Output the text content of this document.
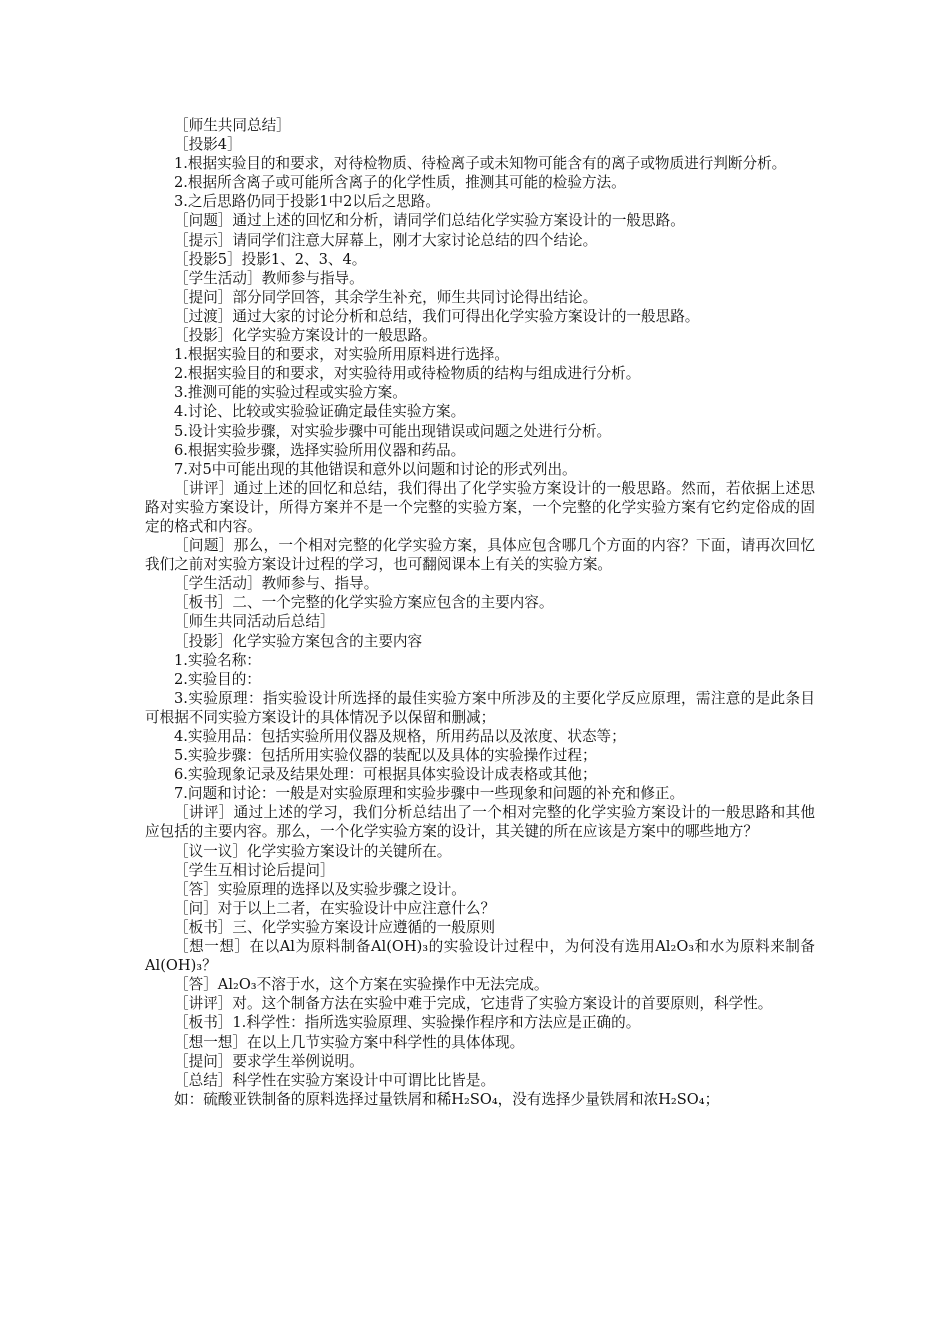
［师生共同总结］

［投影4］

1.根据实验目的和要求，对待检物质、待检离子或未知物可能含有的离子或物质进行判断分析。

2.根据所含离子或可能所含离子的化学性质，推测其可能的检验方法。

3.之后思路仍同于投影1中2以后之思路。

［问题］通过上述的回忆和分析，请同学们总结化学实验方案设计的一般思路。

［提示］请同学们注意大屏幕上，刚才大家讨论总结的四个结论。

［投影5］投影1、2、3、4。

［学生活动］教师参与指导。

［提问］部分同学回答，其余学生补充，师生共同讨论得出结论。

［过渡］通过大家的讨论分析和总结，我们可得出化学实验方案设计的一般思路。

［投影］化学实验方案设计的一般思路。

1.根据实验目的和要求，对实验所用原料进行选择。

2.根据实验目的和要求，对实验待用或待检物质的结构与组成进行分析。

3.推测可能的实验过程或实验方案。

4.讨论、比较或实验验证确定最佳实验方案。

5.设计实验步骤，对实验步骤中可能出现错误或问题之处进行分析。

6.根据实验步骤，选择实验所用仪器和药品。

7.对5中可能出现的其他错误和意外以问题和讨论的形式列出。

［讲评］通过上述的回忆和总结，我们得出了化学实验方案设计的一般思路。然而，若依据上述思路对实验方案设计，所得方案并不是一个完整的实验方案，一个完整的化学实验方案有它约定俗成的固定的格式和内容。

［问题］那么，一个相对完整的化学实验方案，具体应包含哪几个方面的内容？下面，请再次回忆我们之前对实验方案设计过程的学习，也可翻阅课本上有关的实验方案。

［学生活动］教师参与、指导。

［板书］二、一个完整的化学实验方案应包含的主要内容。

［师生共同活动后总结］

［投影］化学实验方案包含的主要内容

1.实验名称：

2.实验目的：

3.实验原理：指实验设计所选择的最佳实验方案中所涉及的主要化学反应原理，需注意的是此条目可根据不同实验方案设计的具体情况予以保留和删减；

4.实验用品：包括实验所用仪器及规格，所用药品以及浓度、状态等；

5.实验步骤：包括所用实验仪器的装配以及具体的实验操作过程；

6.实验现象记录及结果处理：可根据具体实验设计成表格或其他；

7.问题和讨论：一般是对实验原理和实验步骤中一些现象和问题的补充和修正。

［讲评］通过上述的学习，我们分析总结出了一个相对完整的化学实验方案设计的一般思路和其他应包括的主要内容。那么，一个化学实验方案的设计，其关键的所在应该是方案中的哪些地方？

［议一议］化学实验方案设计的关键所在。

［学生互相讨论后提问］

［答］实验原理的选择以及实验步骤之设计。

［问］对于以上二者，在实验设计中应注意什么？

［板书］三、化学实验方案设计应遵循的一般原则

［想一想］在以Al为原料制备Al(OH)₃的实验设计过程中，为何没有选用Al₂O₃和水为原料来制备Al(OH)₃？

［答］Al₂O₃不溶于水，这个方案在实验操作中无法完成。

［讲评］对。这个制备方法在实验中难于完成，它违背了实验方案设计的首要原则，科学性。

［板书］1.科学性：指所选实验原理、实验操作程序和方法应是正确的。

［想一想］在以上几节实验方案中科学性的具体体现。

［提问］要求学生举例说明。

［总结］科学性在实验方案设计中可谓比比皆是。

如：硫酸亚铁制备的原料选择过量铁屑和稀H₂SO₄，没有选择少量铁屑和浓H₂SO₄；
